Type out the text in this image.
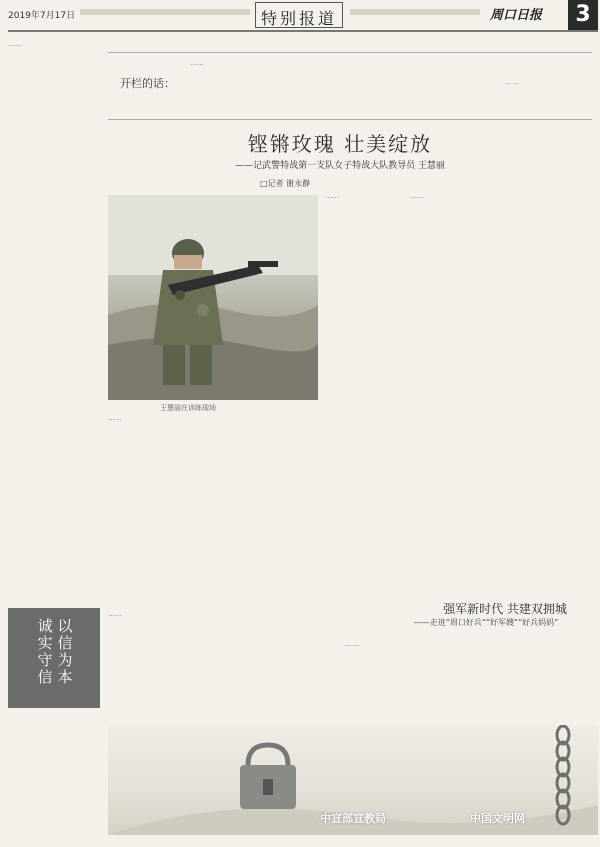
2019年7月17日	特别报道	周口日报	3
开栏的话：
……
……
铿锵玫瑰 壮美绽放
——记武警特战第一支队女子特战大队教导员 王慧丽
□记者 谢永静
王慧丽在训练现场
……	……
……
……
强军新时代 共建双拥城
——走进“周口好兵”“好军嫂”“好兵妈妈”
……
……
以信为本
诚实守信
中宣部宣教局	中国文明网
